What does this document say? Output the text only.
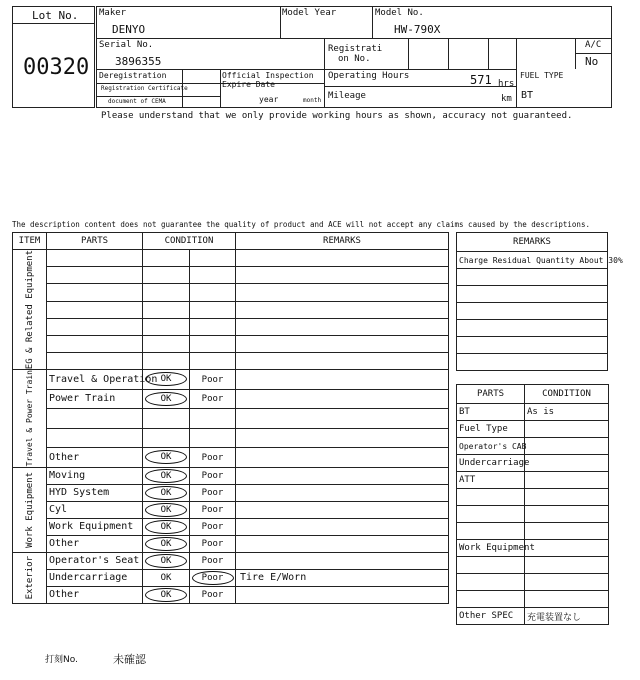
Lot No.
00320
Maker
DENYO
Model Year	Model No.
HW-790X
Serial No.
3896355
Registrati
on No.
A/C
No
Deregistration
Registration Certificate
document of CEMA
Official Inspection
Expire Date
year	month
Operating Hours	571 hrs
Mileage	km
FUEL TYPE
BT
Please understand that we only provide working hours as shown, accuracy not guaranteed.
The description content does not guarantee the quality of product and ACE will not accept any claims caused by the descriptions.
ITEM	PARTS	CONDITION		REMARKS

EG & Related Equipment				

Travel & Power Train	Travel & Operation	OK	Poor	
	Power Train	OK	Poor	

	Other	OK	Poor	

Work Equipment	Moving	OK	Poor	
	HYD System	OK	Poor	
	Cyl	OK	Poor	
	Work Equipment	OK	Poor	
	Other	OK	Poor	

Exterior	Operator's Seat	OK	Poor	
	Undercarriage	OK	Poor	Tire E/Worn
	Other	OK	Poor	
REMARKS
Charge Residual Quantity About 30%

PARTS	CONDITION
BT	As is
Fuel Type	
Operator's CAB	
Undercarriage	
ATT	

Work Equipment	

Other SPEC	充電装置なし
打刻No.	未確認
